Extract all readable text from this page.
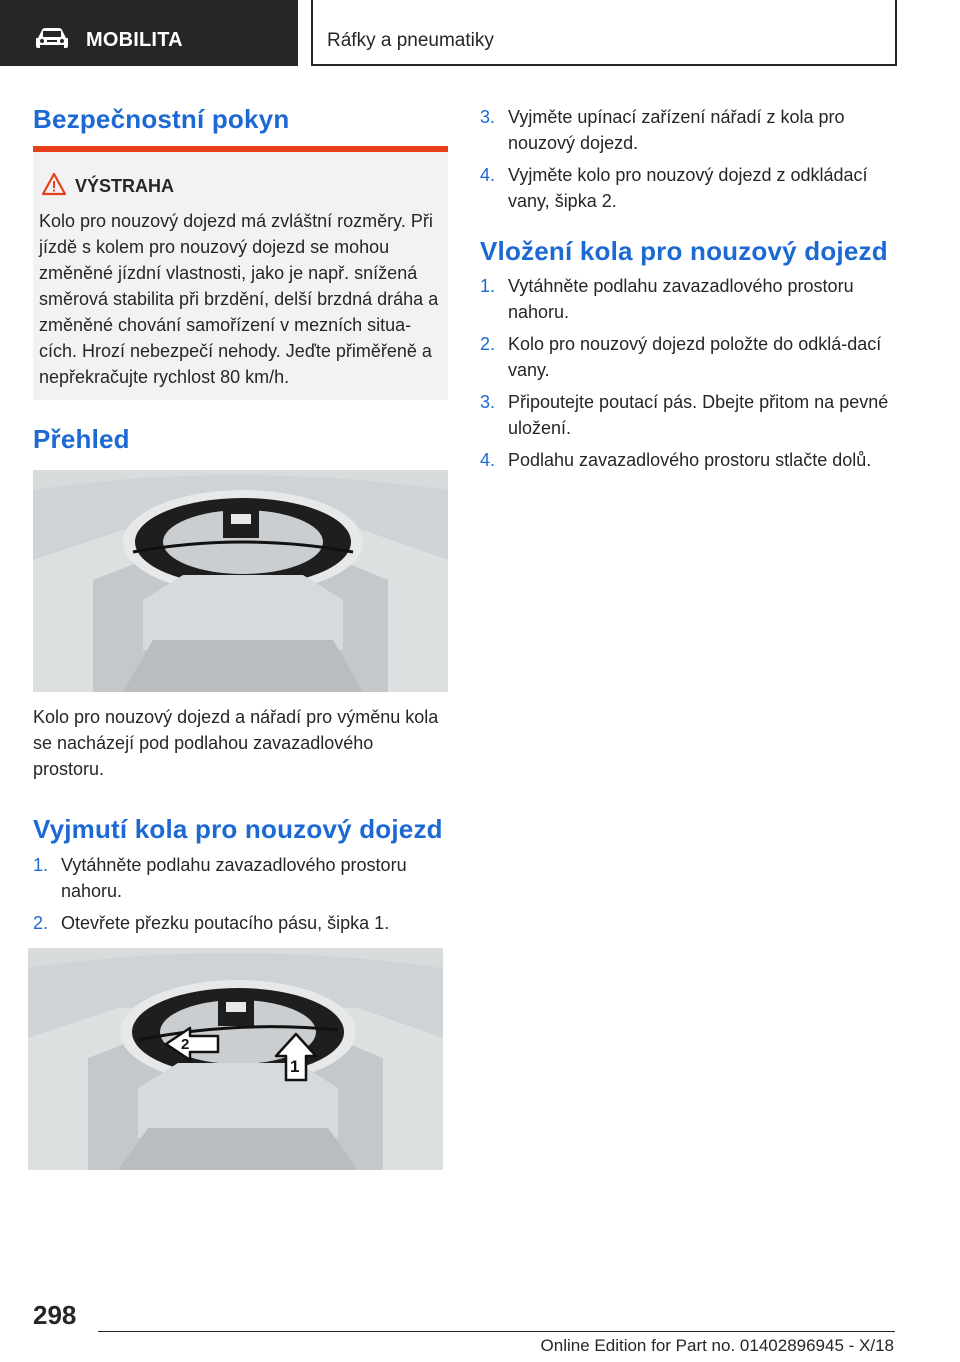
MOBILITA	Ráfky a pneumatiky
Bezpečnostní pokyn
VÝSTRAHA
Kolo pro nouzový dojezd má zvláštní rozměry. Při jízdě s kolem pro nouzový dojezd se mohou změněné jízdní vlastnosti, jako je např. snížená směrová stabilita při brzdění, delší brzdná dráha a změněné chování samořízení v mezních situa-cích. Hrozí nebezpečí nehody. Jeďte přiměřeně a nepřekračujte rychlost 80 km/h.
Přehled

Kolo pro nouzový dojezd a nářadí pro výměnu kola se nacházejí pod podlahou zavazadlového prostoru.

Vyjmutí kola pro nouzový dojezd
1. Vytáhněte podlahu zavazadlového prostoru nahoru.
2. Otevřete přezku poutacího pásu, šipka 1.
2
1
3. Vyjměte upínací zařízení nářadí z kola pro nouzový dojezd.
4. Vyjměte kolo pro nouzový dojezd z odkládací vany, šipka 2.
Vložení kola pro nouzový dojezd
1. Vytáhněte podlahu zavazadlového prostoru nahoru.
2. Kolo pro nouzový dojezd položte do odklá-dací vany.
3. Připoutejte poutací pás. Dbejte přitom na pevné uložení.
4. Podlahu zavazadlového prostoru stlačte dolů.
298
Online Edition for Part no. 01402896945 - X/18
